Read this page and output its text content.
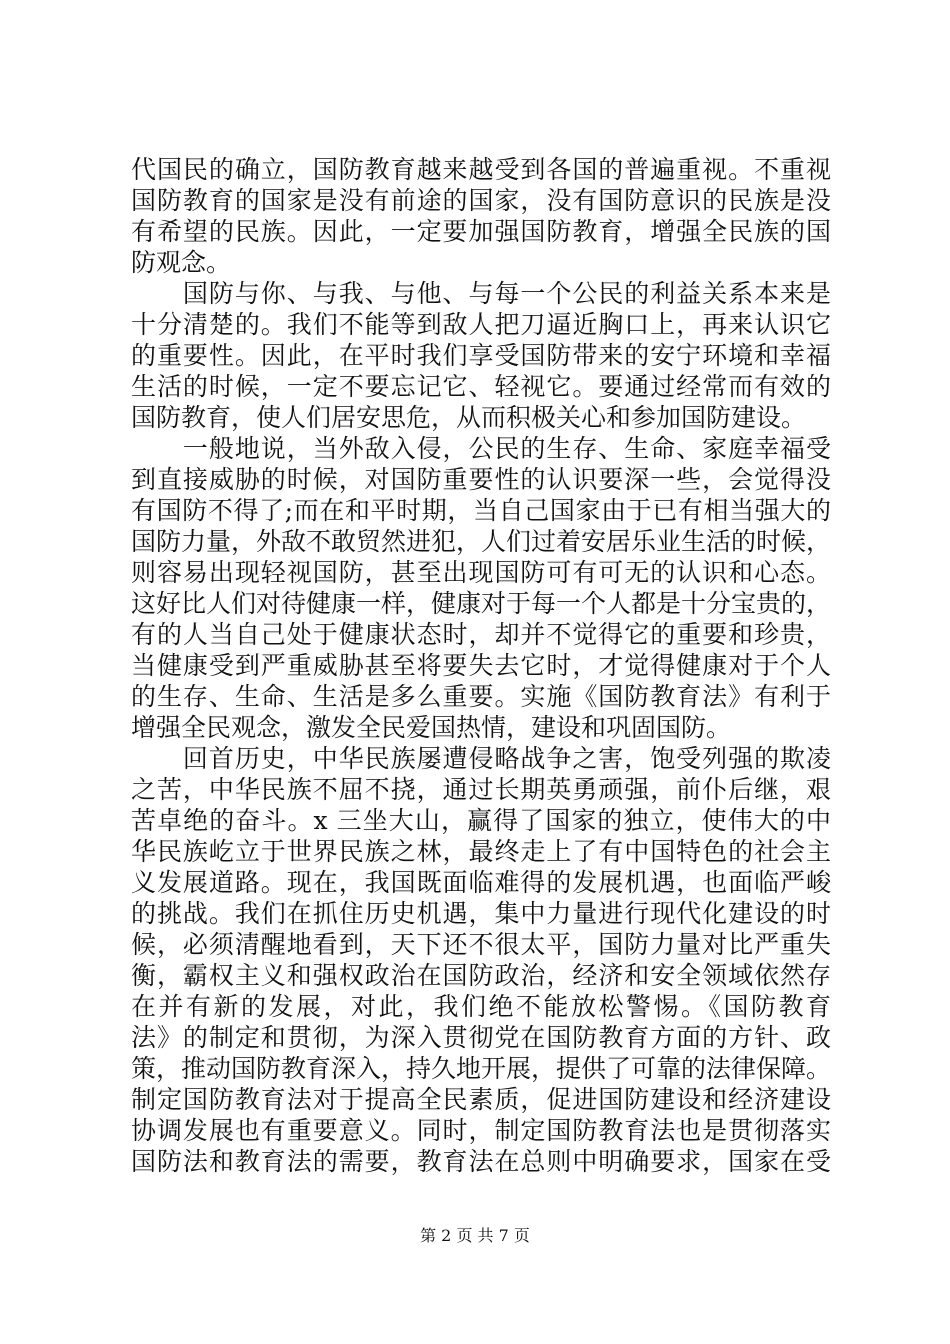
代国民的确立，国防教育越来越受到各国的普遍重视。不重视
国防教育的国家是没有前途的国家，没有国防意识的民族是没
有希望的民族。因此，一定要加强国防教育，增强全民族的国
防观念。
　　国防与你、与我、与他、与每一个公民的利益关系本来是
十分清楚的。我们不能等到敌人把刀逼近胸口上，再来认识它
的重要性。因此，在平时我们享受国防带来的安宁环境和幸福
生活的时候，一定不要忘记它、轻视它。要通过经常而有效的
国防教育，使人们居安思危，从而积极关心和参加国防建设。
　　一般地说，当外敌入侵，公民的生存、生命、家庭幸福受
到直接威胁的时候，对国防重要性的认识要深一些，会觉得没
有国防不得了;而在和平时期，当自己国家由于已有相当强大的
国防力量，外敌不敢贸然进犯，人们过着安居乐业生活的时候，
则容易出现轻视国防，甚至出现国防可有可无的认识和心态。
这好比人们对待健康一样，健康对于每一个人都是十分宝贵的，
有的人当自己处于健康状态时，却并不觉得它的重要和珍贵，
当健康受到严重威胁甚至将要失去它时，才觉得健康对于个人
的生存、生命、生活是多么重要。实施《国防教育法》有利于
增强全民观念，激发全民爱国热情，建设和巩固国防。
　　回首历史，中华民族屡遭侵略战争之害，饱受列强的欺凌
之苦，中华民族不屈不挠，通过长期英勇顽强，前仆后继，艰
苦卓绝的奋斗。x 三坐大山，赢得了国家的独立，使伟大的中
华民族屹立于世界民族之林，最终走上了有中国特色的社会主
义发展道路。现在，我国既面临难得的发展机遇，也面临严峻
的挑战。我们在抓住历史机遇，集中力量进行现代化建设的时
候，必须清醒地看到，天下还不很太平，国防力量对比严重失
衡，霸权主义和强权政治在国防政治，经济和安全领域依然存
在并有新的发展，对此，我们绝不能放松警惕。《国防教育
法》的制定和贯彻，为深入贯彻党在国防教育方面的方针、政
策，推动国防教育深入，持久地开展，提供了可靠的法律保障。
制定国防教育法对于提高全民素质，促进国防建设和经济建设
协调发展也有重要意义。同时，制定国防教育法也是贯彻落实
国防法和教育法的需要，教育法在总则中明确要求，国家在受
第 2 页 共 7 页
